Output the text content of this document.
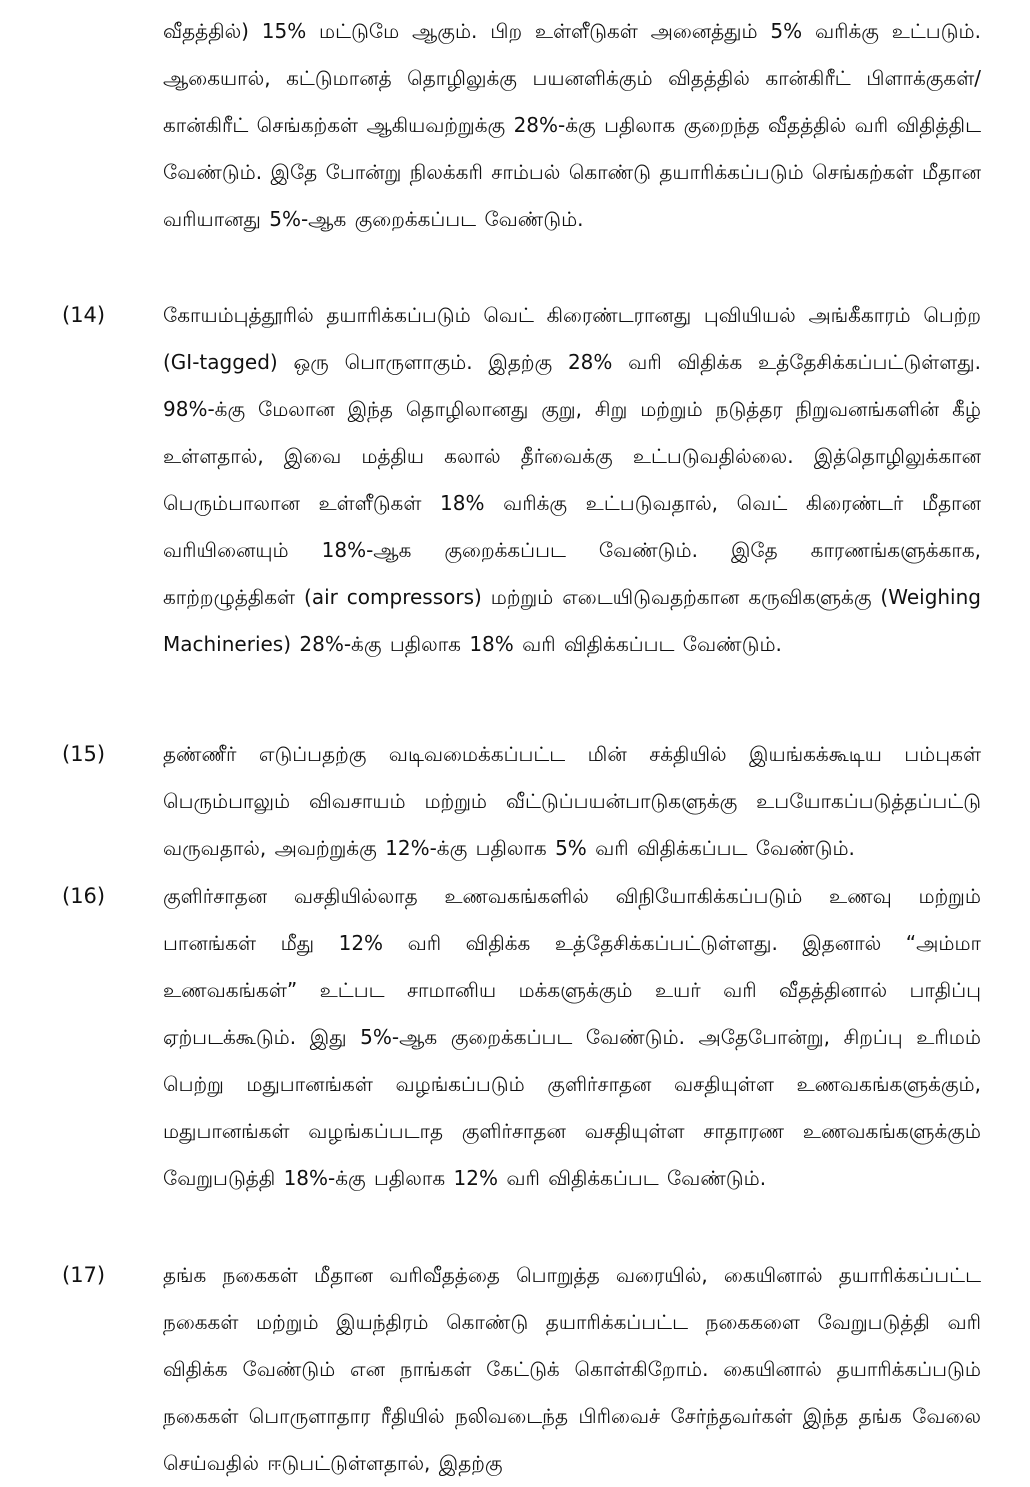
வீதத்தில்) 15% மட்டுமே ஆகும். பிற உள்ளீடுகள் அனைத்தும் 5% வரிக்கு உட்படும். ஆகையால், கட்டுமானத் தொழிலுக்கு பயனளிக்கும் விதத்தில் கான்கிரீட் பிளாக்குகள்/கான்கிரீட் செங்கற்கள் ஆகியவற்றுக்கு 28%-க்கு பதிலாக குறைந்த வீதத்தில் வரி விதித்திட வேண்டும். இதே போன்று நிலக்கரி சாம்பல் கொண்டு தயாரிக்கப்படும் செங்கற்கள் மீதான வரியானது 5%-ஆக குறைக்கப்பட வேண்டும்.
(14)	கோயம்புத்தூரில் தயாரிக்கப்படும் வெட் கிரைண்டரானது புவியியல் அங்கீகாரம் பெற்ற (GI-tagged) ஒரு பொருளாகும். இதற்கு 28% வரி விதிக்க உத்தேசிக்கப்பட்டுள்ளது. 98%-க்கு மேலான இந்த தொழிலானது குறு, சிறு மற்றும் நடுத்தர நிறுவனங்களின் கீழ் உள்ளதால், இவை மத்திய கலால் தீர்வைக்கு உட்படுவதில்லை. இத்தொழிலுக்கான பெரும்பாலான உள்ளீடுகள் 18% வரிக்கு உட்படுவதால், வெட் கிரைண்டர் மீதான வரியினையும் 18%-ஆக குறைக்கப்பட வேண்டும். இதே காரணங்களுக்காக, காற்றழுத்திகள் (air compressors) மற்றும் எடையிடுவதற்கான கருவிகளுக்கு (Weighing Machineries) 28%-க்கு பதிலாக 18% வரி விதிக்கப்பட வேண்டும்.
(15)	தண்ணீர் எடுப்பதற்கு வடிவமைக்கப்பட்ட மின் சக்தியில் இயங்கக்கூடிய பம்புகள் பெரும்பாலும் விவசாயம் மற்றும் வீட்டுப்பயன்பாடுகளுக்கு உபயோகப்படுத்தப்பட்டு வருவதால், அவற்றுக்கு 12%-க்கு பதிலாக 5% வரி விதிக்கப்பட வேண்டும்.
(16)	குளிர்சாதன வசதியில்லாத உணவகங்களில் விநியோகிக்கப்படும் உணவு மற்றும் பானங்கள் மீது 12% வரி விதிக்க உத்தேசிக்கப்பட்டுள்ளது. இதனால் “அம்மா உணவகங்கள்” உட்பட சாமானிய மக்களுக்கும் உயர் வரி வீதத்தினால் பாதிப்பு ஏற்படக்கூடும். இது 5%-ஆக குறைக்கப்பட வேண்டும். அதேபோன்று, சிறப்பு உரிமம் பெற்று மதுபானங்கள் வழங்கப்படும் குளிர்சாதன வசதியுள்ள உணவகங்களுக்கும், மதுபானங்கள் வழங்கப்படாத குளிர்சாதன வசதியுள்ள சாதாரண உணவகங்களுக்கும் வேறுபடுத்தி 18%-க்கு பதிலாக 12% வரி விதிக்கப்பட வேண்டும்.
(17)	தங்க நகைகள் மீதான வரிவீதத்தை பொறுத்த வரையில், கையினால் தயாரிக்கப்பட்ட நகைகள் மற்றும் இயந்திரம் கொண்டு தயாரிக்கப்பட்ட நகைகளை வேறுபடுத்தி வரி விதிக்க வேண்டும் என நாங்கள் கேட்டுக் கொள்கிறோம். கையினால் தயாரிக்கப்படும் நகைகள் பொருளாதார ரீதியில் நலிவடைந்த பிரிவைச் சேர்ந்தவர்கள் இந்த தங்க வேலை செய்வதில் ஈடுபட்டுள்ளதால், இதற்கு
